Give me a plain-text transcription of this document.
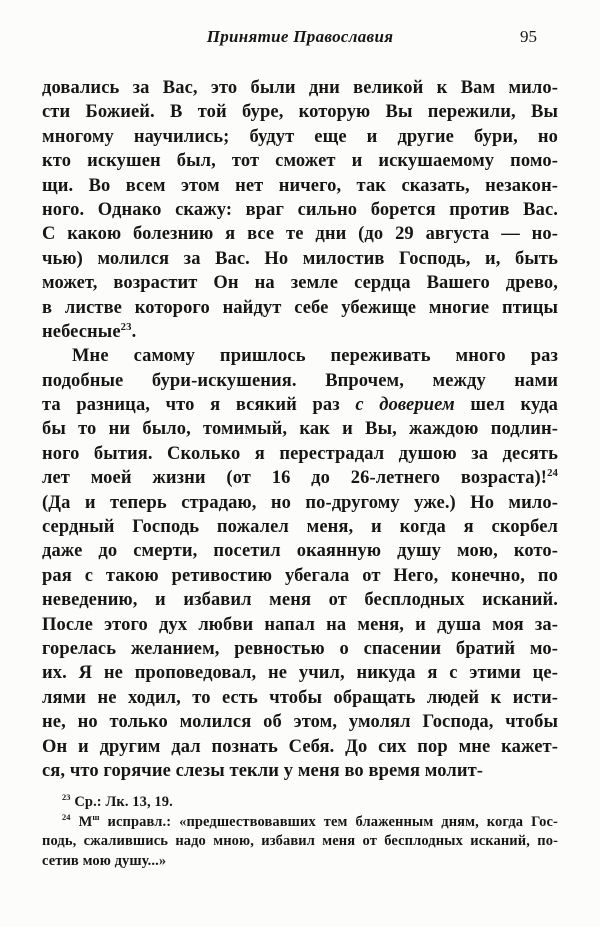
Принятие Православия	95
довались за Вас, это были дни великой к Вам мило-
сти Божией. В той буре, которую Вы пережили, Вы
многому научились; будут еще и другие бури, но
кто искушен был, тот сможет и искушаемому помо-
щи. Во всем этом нет ничего, так сказать, незакон-
ного. Однако скажу: враг сильно борется против Вас.
С какою болезнию я все те дни (до 29 августа — но-
чью) молился за Вас. Но милостив Господь, и, быть
может, возрастит Он на земле сердца Вашего древо,
в листве которого найдут себе убежище многие птицы
небесные$^{23}$.
Мне самому пришлось переживать много раз
подобные бури-искушения. Впрочем, между нами
та разница, что я всякий раз с доверием шел куда
бы то ни было, томимый, как и Вы, жаждою подлин-
ного бытия. Сколько я перестрадал душою за десять
лет моей жизни (от 16 до 26-летнего возраста)!$^{24}$
(Да и теперь страдаю, но по-другому уже.) Но мило-
сердный Господь пожалел меня, и когда я скорбел
даже до смерти, посетил окаянную душу мою, кото-
рая с такою ретивостию убегала от Него, конечно, по
неведению, и избавил меня от бесплодных исканий.
После этого дух любви напал на меня, и душа моя за-
горелась желанием, ревностью о спасении братий мо-
их. Я не проповедовал, не учил, никуда я с этими це-
лями не ходил, то есть чтобы обращать людей к исти-
не, но только молился об этом, умолял Господа, чтобы
Он и другим дал познать Себя. До сих пор мне кажет-
ся, что горячие слезы текли у меня во время молит-
$^{23}$ Ср.: Лк. 13, 19.
$^{24}$ М$^ш$ исправл.: «предшествовавших тем блаженным дням, когда Гос-
подь, сжалившись надо мною, избавил меня от бесплодных исканий, по-
сетив мою душу...»
